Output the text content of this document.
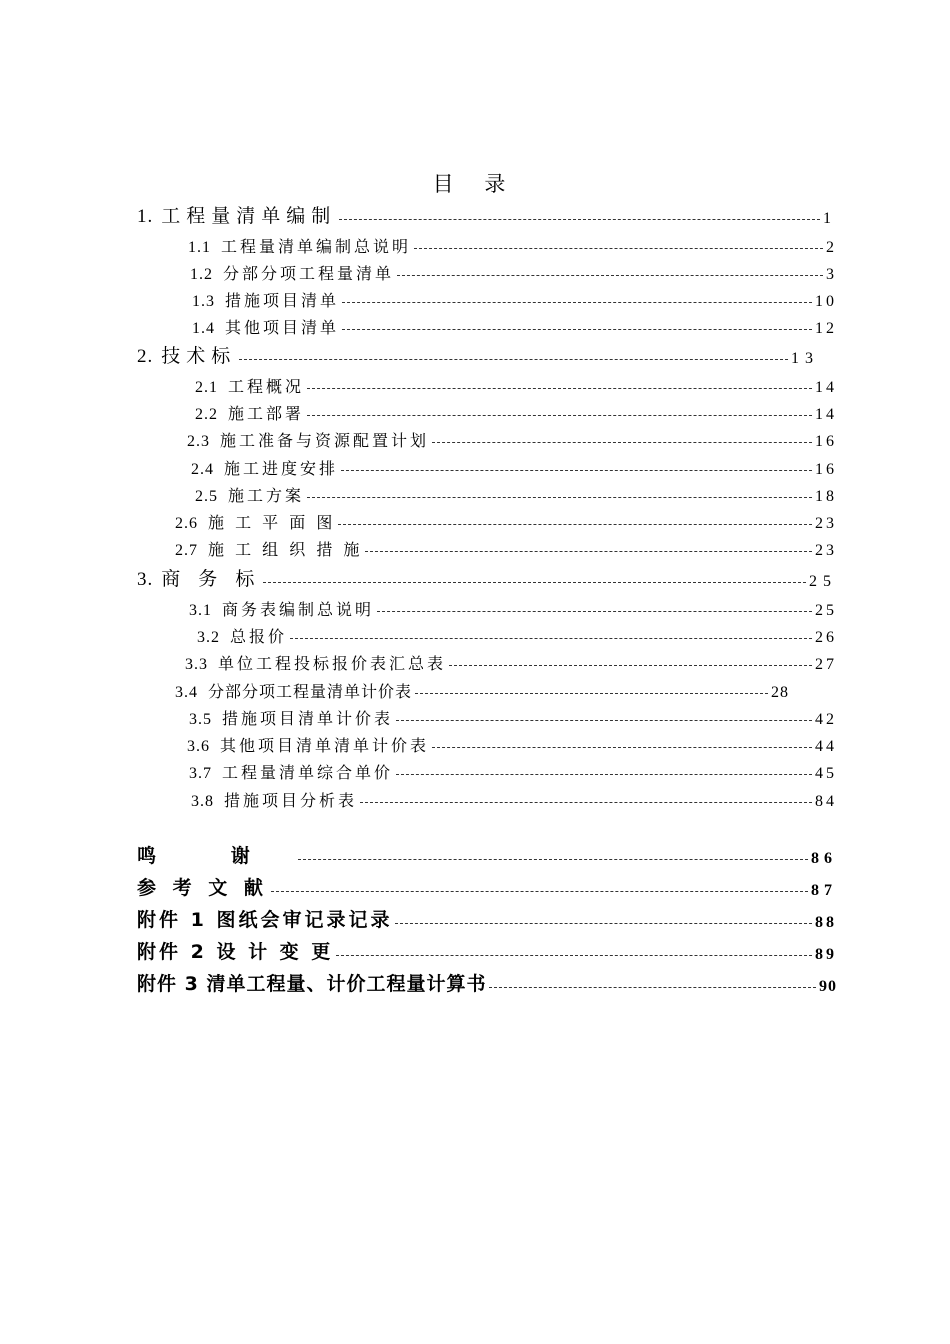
目 录
1. 工程量清单编制	1
1.1 工程量清单编制总说明	2
1.2 分部分项工程量清单	3
1.3 措施项目清单	10
1.4 其他项目清单	12
2. 技术标	13
2.1 工程概况	14
2.2 施工部署	14
2.3 施工准备与资源配置计划	16
2.4 施工进度安排	16
2.5 施工方案	18
2.6 施 工 平 面 图	23
2.7 施 工 组 织 措 施	23
3. 商 务 标	25
3.1 商务表编制总说明	25
3.2 总报价	26
3.3 单位工程投标报价表汇总表	27
3.4 分部分项工程量清单计价表	28
3.5 措施项目清单计价表	42
3.6 其他项目清单清单计价表	44
3.7 工程量清单综合单价	45
3.8 措施项目分析表	84
鸣      谢	86
参 考 文 献	87
附件 1 图纸会审记录记录	88
附件 2 设 计 变 更	89
附件 3 清单工程量、计价工程量计算书	90
